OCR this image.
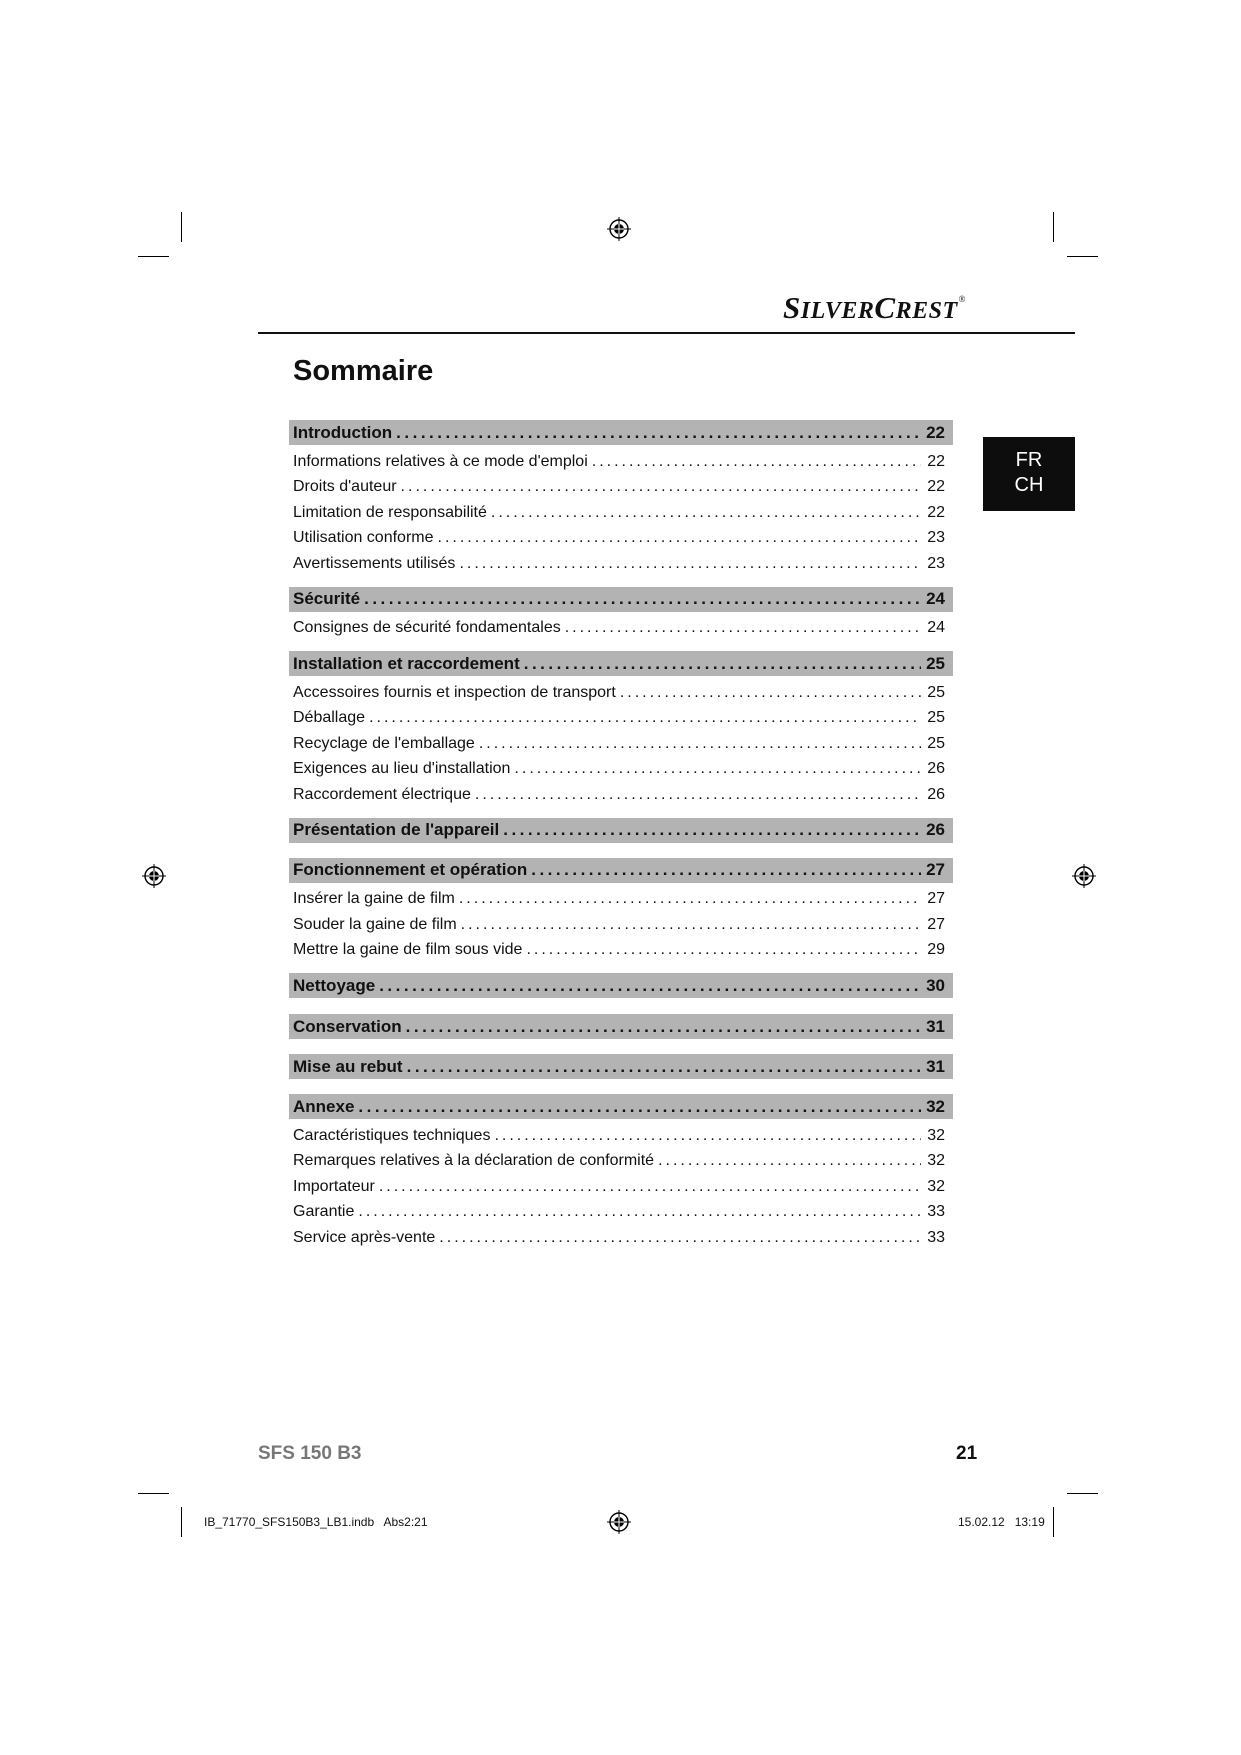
SILVERCREST®
Sommaire
FR
CH
Introduction .....	22
Informations relatives à ce mode d'emploi .....	22
Droits d'auteur .....	22
Limitation de responsabilité .....	22
Utilisation conforme .....	23
Avertissements utilisés .....	23
Sécurité .....	24
Consignes de sécurité fondamentales .....	24
Installation et raccordement .....	25
Accessoires fournis et inspection de transport .....	25
Déballage .....	25
Recyclage de l'emballage .....	25
Exigences au lieu d'installation .....	26
Raccordement électrique .....	26
Présentation de l'appareil .....	26
Fonctionnement et opération .....	27
Insérer la gaine de film .....	27
Souder la gaine de film .....	27
Mettre la gaine de film sous vide .....	29
Nettoyage .....	30
Conservation .....	31
Mise au rebut .....	31
Annexe .....	32
Caractéristiques techniques .....	32
Remarques relatives à la déclaration de conformité .....	32
Importateur .....	32
Garantie .....	33
Service après-vente .....	33
SFS 150 B3	21
IB_71770_SFS150B3_LB1.indb   Abs2:21	15.02.12   13:19
